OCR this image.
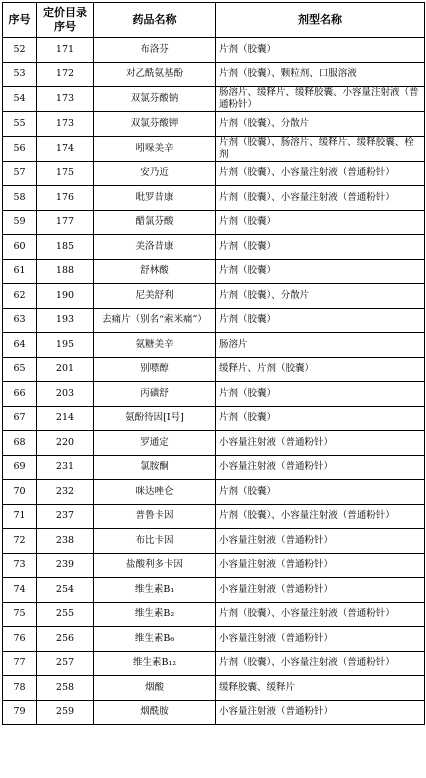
序号	定价目录序号	药品名称	剂型名称
52	171	布洛芬	片剂（胶囊）
53	172	对乙酰氨基酚	片剂（胶囊）、颗粒剂、口服溶液
54	173	双氯芬酸钠	肠溶片、缓释片、缓释胶囊、小容量注射液（普通粉针）
55	173	双氯芬酸钾	片剂（胶囊）、分散片
56	174	吲哚美辛	片剂（胶囊）、肠溶片、缓释片、缓释胶囊、栓剂
57	175	安乃近	片剂（胶囊）、小容量注射液（普通粉针）
58	176	吡罗昔康	片剂（胶囊）、小容量注射液（普通粉针）
59	177	醋氯芬酸	片剂（胶囊）
60	185	美洛昔康	片剂（胶囊）
61	188	舒林酸	片剂（胶囊）
62	190	尼美舒利	片剂（胶囊）、分散片
63	193	去痛片（别名“索米痛”）	片剂（胶囊）
64	195	氨糖美辛	肠溶片
65	201	别嘌醇	缓释片、片剂（胶囊）
66	203	丙磺舒	片剂（胶囊）
67	214	氨酚待因[Ⅰ号]	片剂（胶囊）
68	220	罗通定	小容量注射液（普通粉针）
69	231	氯胺酮	小容量注射液（普通粉针）
70	232	咪达唑仑	片剂（胶囊）
71	237	普鲁卡因	片剂（胶囊）、小容量注射液（普通粉针）
72	238	布比卡因	小容量注射液（普通粉针）
73	239	盐酸利多卡因	小容量注射液（普通粉针）
74	254	维生素B₁	小容量注射液（普通粉针）
75	255	维生素B₂	片剂（胶囊）、小容量注射液（普通粉针）
76	256	维生素B₆	小容量注射液（普通粉针）
77	257	维生素B₁₂	片剂（胶囊）、小容量注射液（普通粉针）
78	258	烟酸	缓释胶囊、缓释片
79	259	烟酰胺	小容量注射液（普通粉针）
